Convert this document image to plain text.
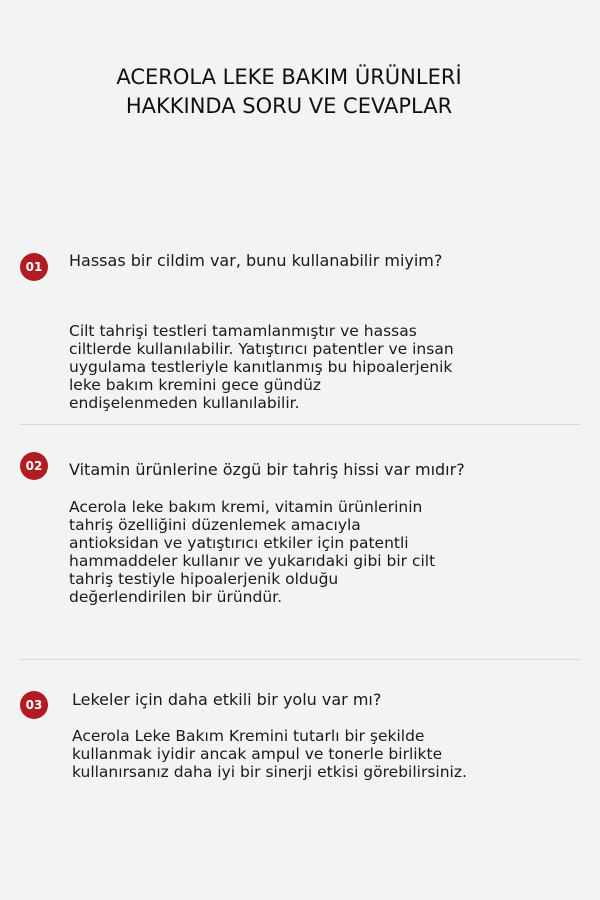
ACEROLA LEKE BAKIM ÜRÜNLERİ
HAKKINDA SORU VE CEVAPLAR
01	Hassas bir cildim var, bunu kullanabilir miyim?
Cilt tahrişi testleri tamamlanmıştır ve hassas
ciltlerde kullanılabilir. Yatıştırıcı patentler ve insan
uygulama testleriyle kanıtlanmış bu hipoalerjenik
leke bakım kremini gece gündüz
endişelenmeden kullanılabilir.
02	Vitamin ürünlerine özgü bir tahriş hissi var mıdır?
Acerola leke bakım kremi, vitamin ürünlerinin
tahriş özelliğini düzenlemek amacıyla
antioksidan ve yatıştırıcı etkiler için patentli
hammaddeler kullanır ve yukarıdaki gibi bir cilt
tahriş testiyle hipoalerjenik olduğu
değerlendirilen bir üründür.
03	Lekeler için daha etkili bir yolu var mı?
Acerola Leke Bakım Kremini tutarlı bir şekilde
kullanmak iyidir ancak ampul ve tonerle birlikte
kullanırsanız daha iyi bir sinerji etkisi görebilirsiniz.
